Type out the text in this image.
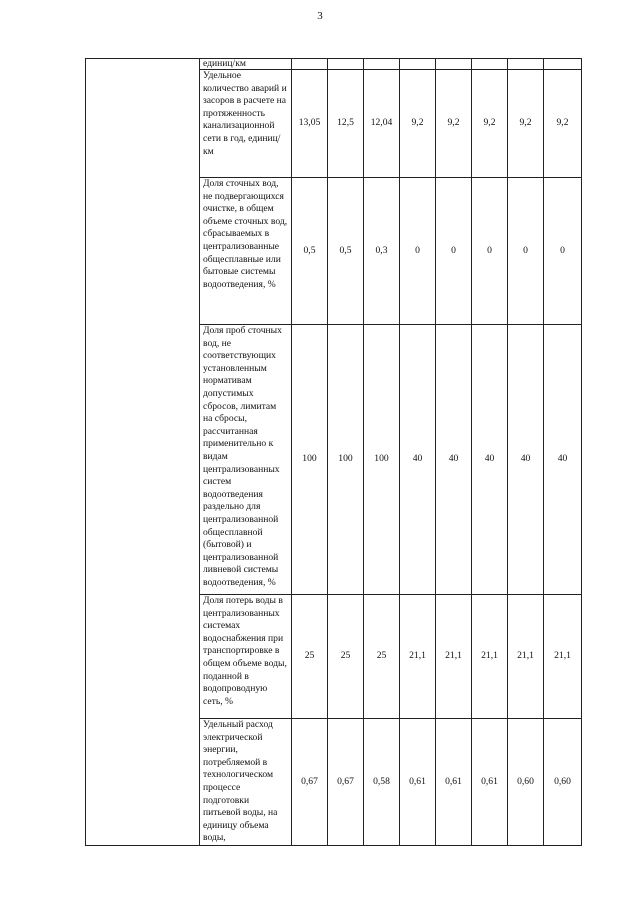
3
	единиц/км								
	Удельное количество аварий и засоров в расчете на протяженность канализационной сети в год, единиц/км	13,05	12,5	12,04	9,2	9,2	9,2	9,2	9,2
	Доля сточных вод, не подвергающихся очистке, в общем объеме сточных вод, сбрасываемых в централизованные общесплавные или бытовые системы водоотведения, %	0,5	0,5	0,3	0	0	0	0	0
	Доля проб сточных вод, не соответствующих установленным нормативам допустимых сбросов, лимитам на сбросы, рассчитанная применительно к видам централизованных систем водоотведения раздельно для централизованной общесплавной (бытовой) и централизованной ливневой системы водоотведения, %	100	100	100	40	40	40	40	40
	Доля потерь воды в централизованных системах водоснабжения при транспортировке в общем объеме воды, поданной в водопроводную сеть, %	25	25	25	21,1	21,1	21,1	21,1	21,1
	Удельный расход электрической энергии, потребляемой в технологическом процессе подготовки питьевой воды, на единицу объема воды,	0,67	0,67	0,58	0,61	0,61	0,61	0,60	0,60
